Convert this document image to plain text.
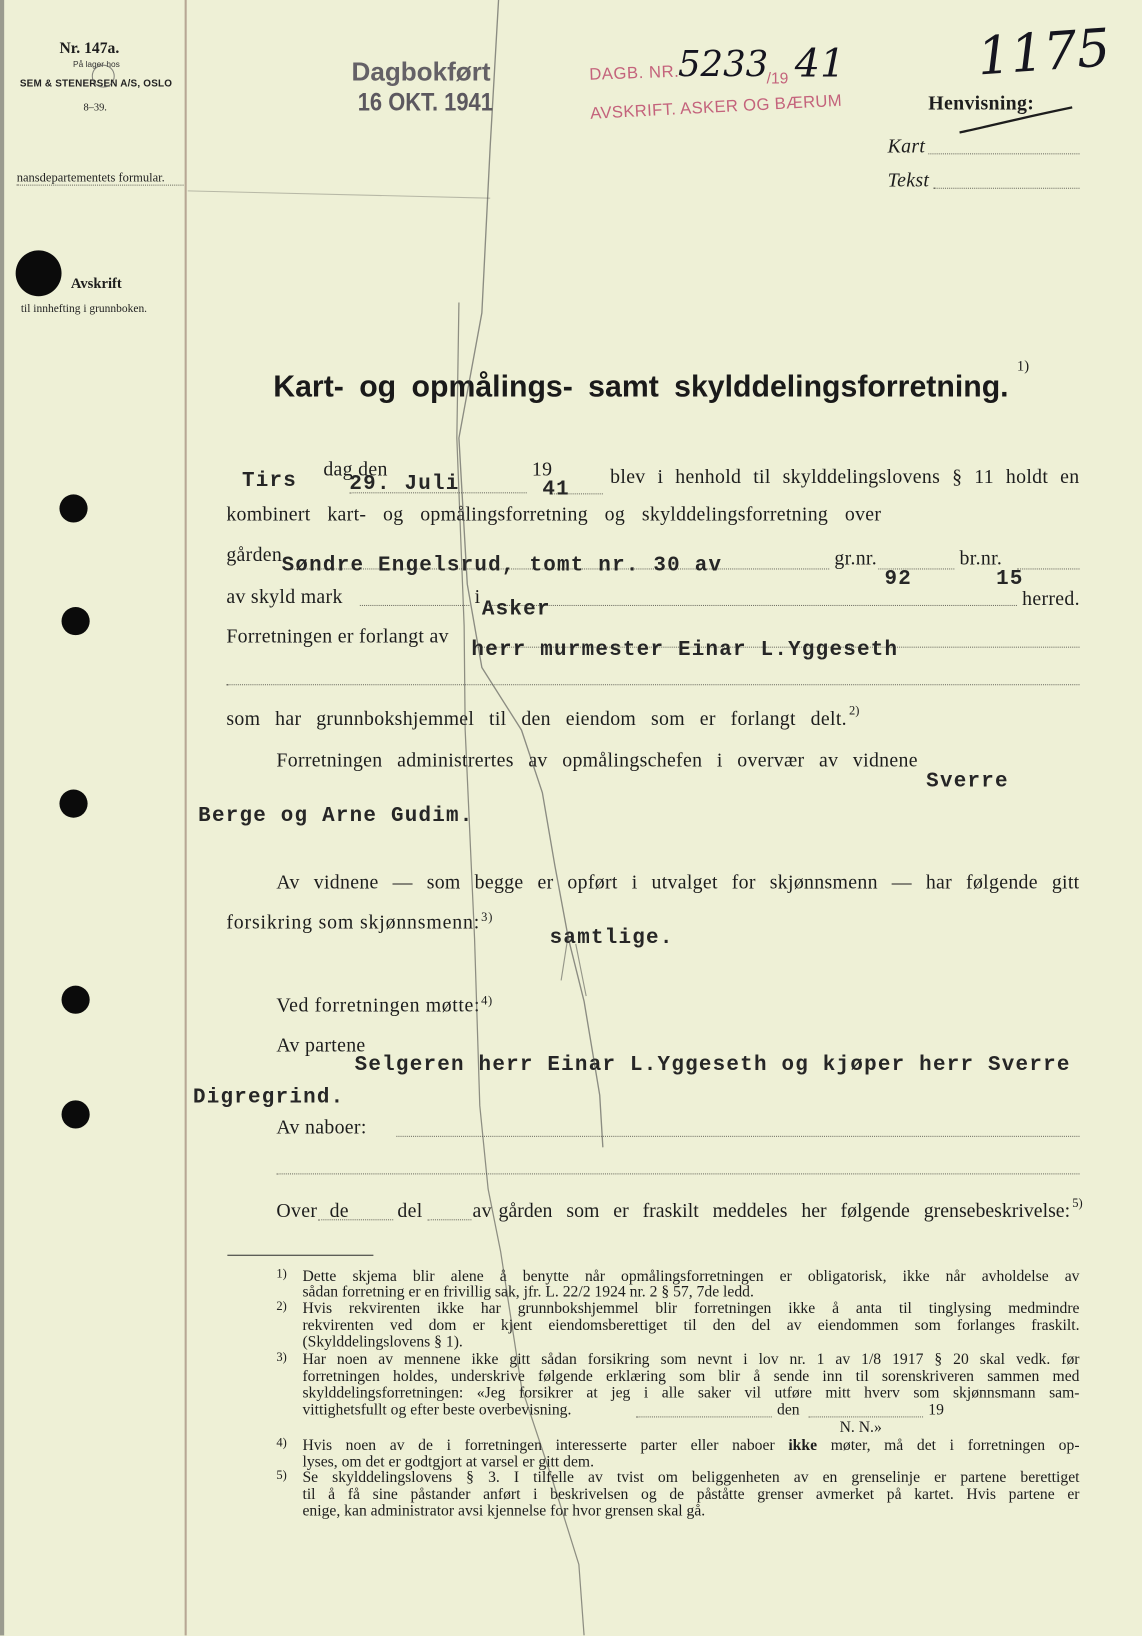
Nr. 147a.
På lager hos
SEM & STENERSEN A/S, OSLO
8–39.
nansdepartementets formular.
Avskrift
til innhefting i grunnboken.
Dagbokført
16 OKT. 1941
DAGB. NR.
5233
/19 41
AVSKRIFT. ASKER OG BÆRUM
1175
Henvisning:
Kart
Tekst
Kart- og opmålings- samt skylddelingsforretning.
1)
Tirs dag den
29. Juli
19
41
blev i henhold til skylddelingslovens § 11 holdt en
kombinert kart- og opmålingsforretning og skylddelingsforretning over
gården Søndre Engelsrud, tomt nr. 30 av	gr.nr.
92
br.nr.
15
av skyld mark	i
Asker	herred.
Forretningen er forlangt av
herr murmester Einar L.Yggeseth
som har grunnbokshjemmel til den eiendom som er forlangt delt. 2)
Forretningen administrertes av opmålingschefen i overvær av vidnene
Sverre
Berge og Arne Gudim.
Av vidnene — som begge er opført i utvalget for skjønnsmenn — har følgende gitt
forsikring som skjønnsmenn:$^{3)}$
samtlige.
Ved forretningen møtte:$^{4)}$
Av partene
Selgeren herr Einar L.Yggeseth og kjøper herr Sverre
Digregrind.
Av naboer:
Over de	del	av gården som er fraskilt meddeles her følgende grensebeskrivelse: 5)
1) Dette skjema blir alene å benytte når opmålingsforretningen er obligatorisk, ikke når avholdelse av
sådan forretning er en frivillig sak, jfr. L. 22/2 1924 nr. 2 § 57, 7de ledd.
2) Hvis rekvirenten ikke har grunnbokshjemmel blir forretningen ikke å anta til tinglysing medmindre
rekvirenten ved dom er kjent eiendomsberettiget til den del av eiendommen som forlanges fraskilt.
(Skylddelingslovens § 1).
3) Har noen av mennene ikke gitt sådan forsikring som nevnt i lov nr. 1 av 1/8 1917 § 20 skal vedk. før
forretningen holdes, underskrive følgende erklæring som blir å sende inn til sorenskriveren sammen med
skylddelingsforretningen: «Jeg forsikrer at jeg i alle saker vil utføre mitt hverv som skjønnsmann sam-
vittighetsfullt og efter beste overbevisning.	den	19
N. N.»
4) Hvis noen av de i forretningen interesserte parter eller naboer ikke møter, må det i forretningen op-
lyses, om det er godtgjort at varsel er gitt dem.
5) Se skylddelingslovens § 3. I tilfelle av tvist om beliggenheten av en grenselinje er partene berettiget
til å få sine påstander anført i beskrivelsen og de påståtte grenser avmerket på kartet. Hvis partene er
enige, kan administrator avsi kjennelse for hvor grensen skal gå.
